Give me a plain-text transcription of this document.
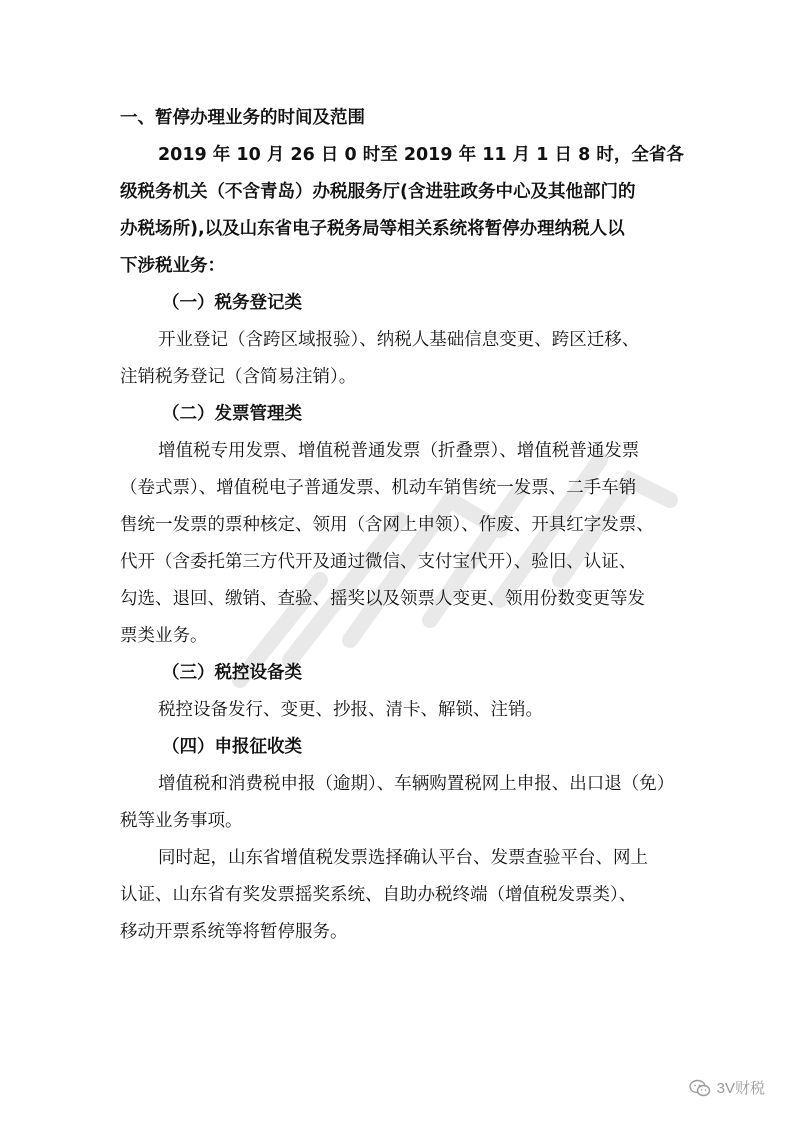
一、暂停办理业务的时间及范围
2019 年 10 月 26 日 0 时至 2019 年 11 月 1 日 8 时，全省各
级税务机关（不含青岛）办税服务厅(含进驻政务中心及其他部门的
办税场所),以及山东省电子税务局等相关系统将暂停办理纳税人以
下涉税业务：
（一）税务登记类
开业登记（含跨区域报验）、纳税人基础信息变更、跨区迁移、
注销税务登记（含简易注销）。
（二）发票管理类
增值税专用发票、增值税普通发票（折叠票）、增值税普通发票
（卷式票）、增值税电子普通发票、机动车销售统一发票、二手车销
售统一发票的票种核定、领用（含网上申领）、作废、开具红字发票、
代开（含委托第三方代开及通过微信、支付宝代开）、验旧、认证、
勾选、退回、缴销、查验、摇奖以及领票人变更、领用份数变更等发
票类业务。
（三）税控设备类
税控设备发行、变更、抄报、清卡、解锁、注销。
（四）申报征收类
增值税和消费税申报（逾期）、车辆购置税网上申报、出口退（免）
税等业务事项。
同时起，山东省增值税发票选择确认平台、发票查验平台、网上
认证、山东省有奖发票摇奖系统、自助办税终端（增值税发票类）、
移动开票系统等将暂停服务。
3V财税
